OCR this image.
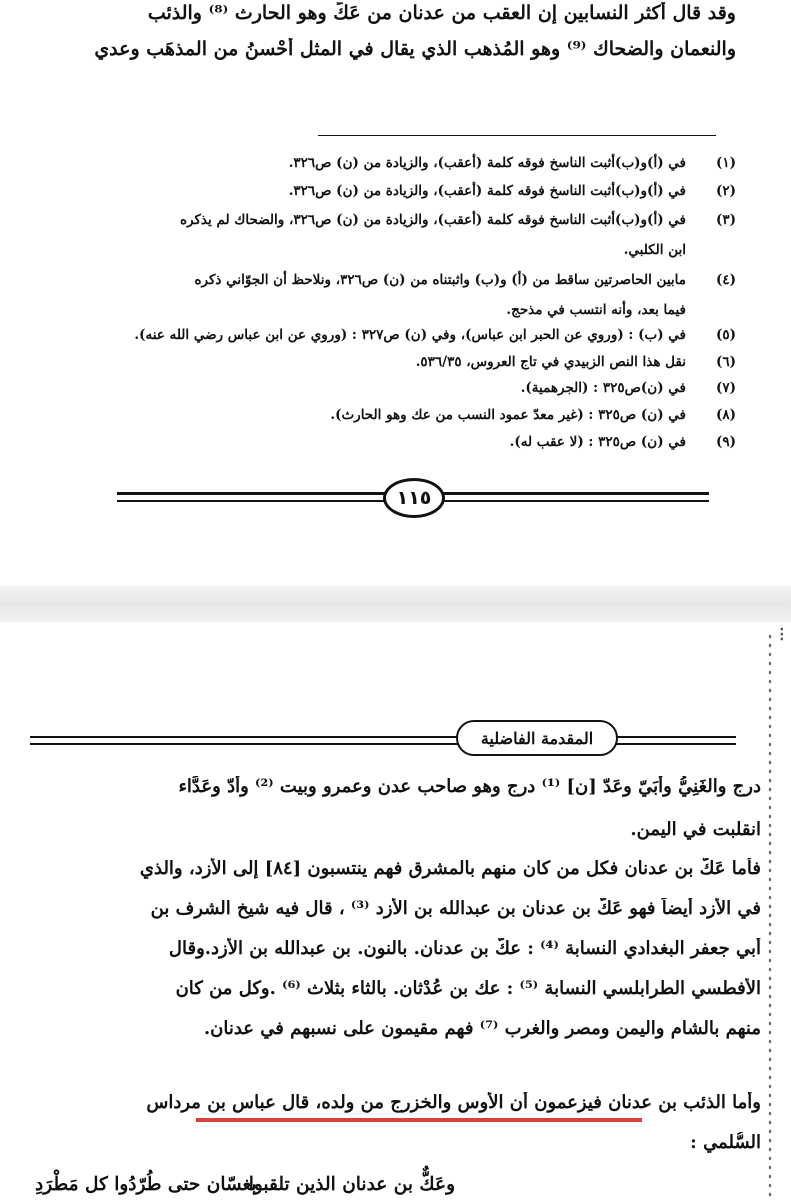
وقد قال أكثر النسابين إن العقب من عدنان من عَكٍّ وهو الحارث ⁽⁸⁾ والذئب
والنعمان والضحاك ⁽⁹⁾ وهو المُذهب الذي يقال في المثل أحْسنُ من المذهَب وعدي
(١)في (أ)و(ب)أثبت الناسخ فوقه كلمة (أعقب)، والزيادة من (ن) ص٣٢٦.
(٢)في (أ)و(ب)أثبت الناسخ فوقه كلمة (أعقب)، والزيادة من (ن) ص٣٢٦.
(٣)في (أ)و(ب)أثبت الناسخ فوقه كلمة (أعقب)، والزيادة من (ن) ص٣٢٦، والضحاك لم يذكره
ابن الكلبي.
(٤)مابين الحاصرتين ساقط من (أ) و(ب) واثبتناه من (ن) ص٣٢٦، ونلاحظ أن الجوّاني ذكره
فيما بعد، وأنه انتسب في مذحج.
(٥)في (ب) : (وروي عن الحبر ابن عباس)، وفي (ن) ص٣٢٧ : (وروي عن ابن عباس رضي الله عنه).
(٦)نقل هذا النص الزبيدي في تاج العروس، ٥٣٦/٣٥.
(٧)في (ن)ص٣٢٥ : (الجرهمية).
(٨)في (ن) ص٣٢٥ : (غير معدّ عمود النسب من عك وهو الحارث).
(٩)في (ن) ص٣٢٥ : (لا عقب له).
١١٥
⁝
المقدمة الفاضلية
درج والغَنِيُّ وأبَيّ وعَدّ [ن] ⁽¹⁾ درج وهو صاحب عدن وعمرو وبيت ⁽²⁾ وأدّ وعَدَّاء
انقلبت في اليمن.
فأما عَكٌّ بن عدنان فكل من كان منهم بالمشرق فهم ينتسبون [٨٤] إلى الأزد، والذي
في الأزد أيضاً فهو عَكّ بن عدنان بن عبدالله بن الأزد ⁽³⁾ ، قال فيه شيخ الشرف بن
أبي جعفر البغدادي النسابة ⁽⁴⁾ : عكّ بن عدنان. بالنون. بن عبدالله بن الأزد.وقال
الأفطسي الطرابلسي النسابة ⁽⁵⁾ : عك بن عُدْثان. بالثاء بثلاث ⁽⁶⁾ .وكل من كان
منهم بالشام واليمن ومصر والغرب ⁽⁷⁾ فهم مقيمون على نسبهم في عدنان.
وأما الذئب بن عدنان فيزعمون أن الأوس والخزرج من ولده، قال عباس بن مرداس
السُّلمي :
وعَكٌّ بن عدنان الذين تلقبوا
بغسّان حتى طُرّدُوا كل مَطْرَدِ
